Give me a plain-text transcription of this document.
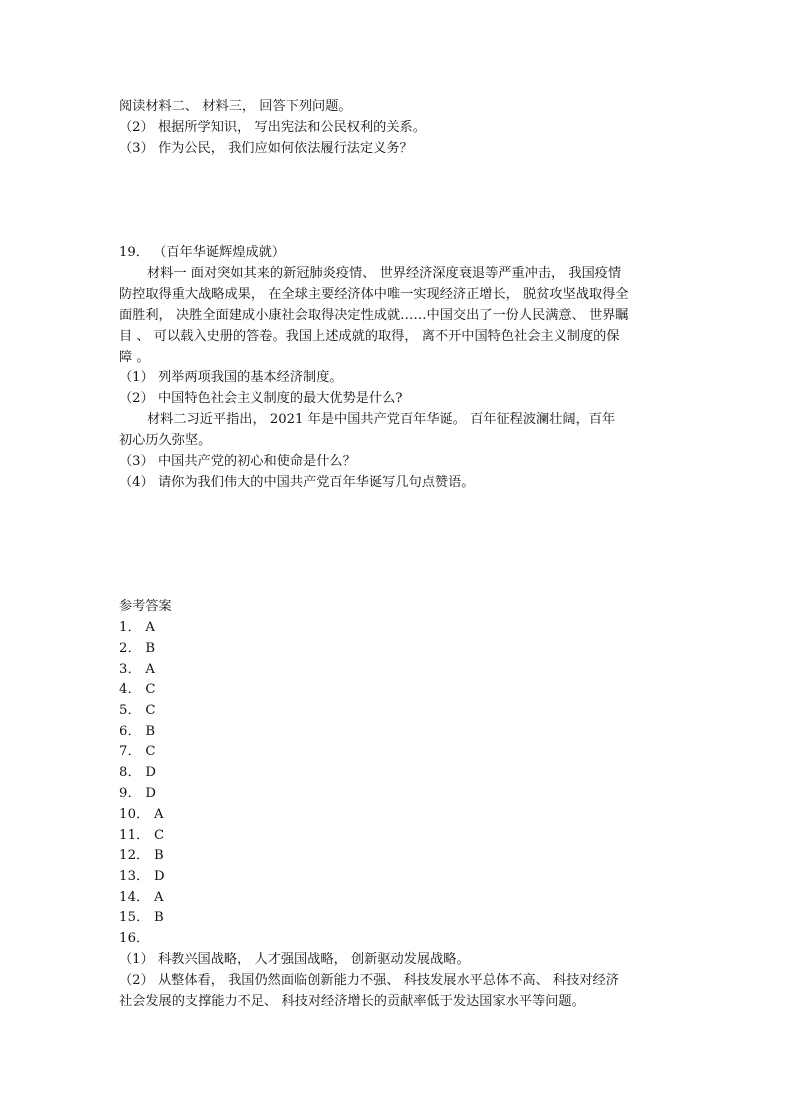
阅读材料二、 材料三， 回答下列问题。
（2） 根据所学知识， 写出宪法和公民权利的关系。
（3） 作为公民， 我们应如何依法履行法定义务？
19． （百年华诞辉煌成就）
材料一 面对突如其来的新冠肺炎疫情、 世界经济深度衰退等严重冲击， 我国疫情
防控取得重大战略成果， 在全球主要经济体中唯一实现经济正增长， 脱贫攻坚战取得全
面胜利， 决胜全面建成小康社会取得决定性成就……中国交出了一份人民满意、 世界瞩
目 、 可以载入史册的答卷。我国上述成就的取得， 离不开中国特色社会主义制度的保
障 。
（1） 列举两项我国的基本经济制度。
（2） 中国特色社会主义制度的最大优势是什么?
材料二习近平指出， 2021 年是中国共产党百年华诞。 百年征程波澜壮阔，百年
初心历久弥坚。
（3） 中国共产党的初心和使命是什么？
（4） 请你为我们伟大的中国共产党百年华诞写几句点赞语。
参考答案
1． A
2． B
3． A
4． C
5． C
6． B
7． C
8． D
9． D
10． A
11． C
12． B
13． D
14． A
15． B
16．
（1） 科教兴国战略， 人才强国战略， 创新驱动发展战略。
（2） 从整体看， 我国仍然面临创新能力不强、 科技发展水平总体不高、 科技对经济
社会发展的支撑能力不足、 科技对经济增长的贡献率低于发达国家水平等问题。
